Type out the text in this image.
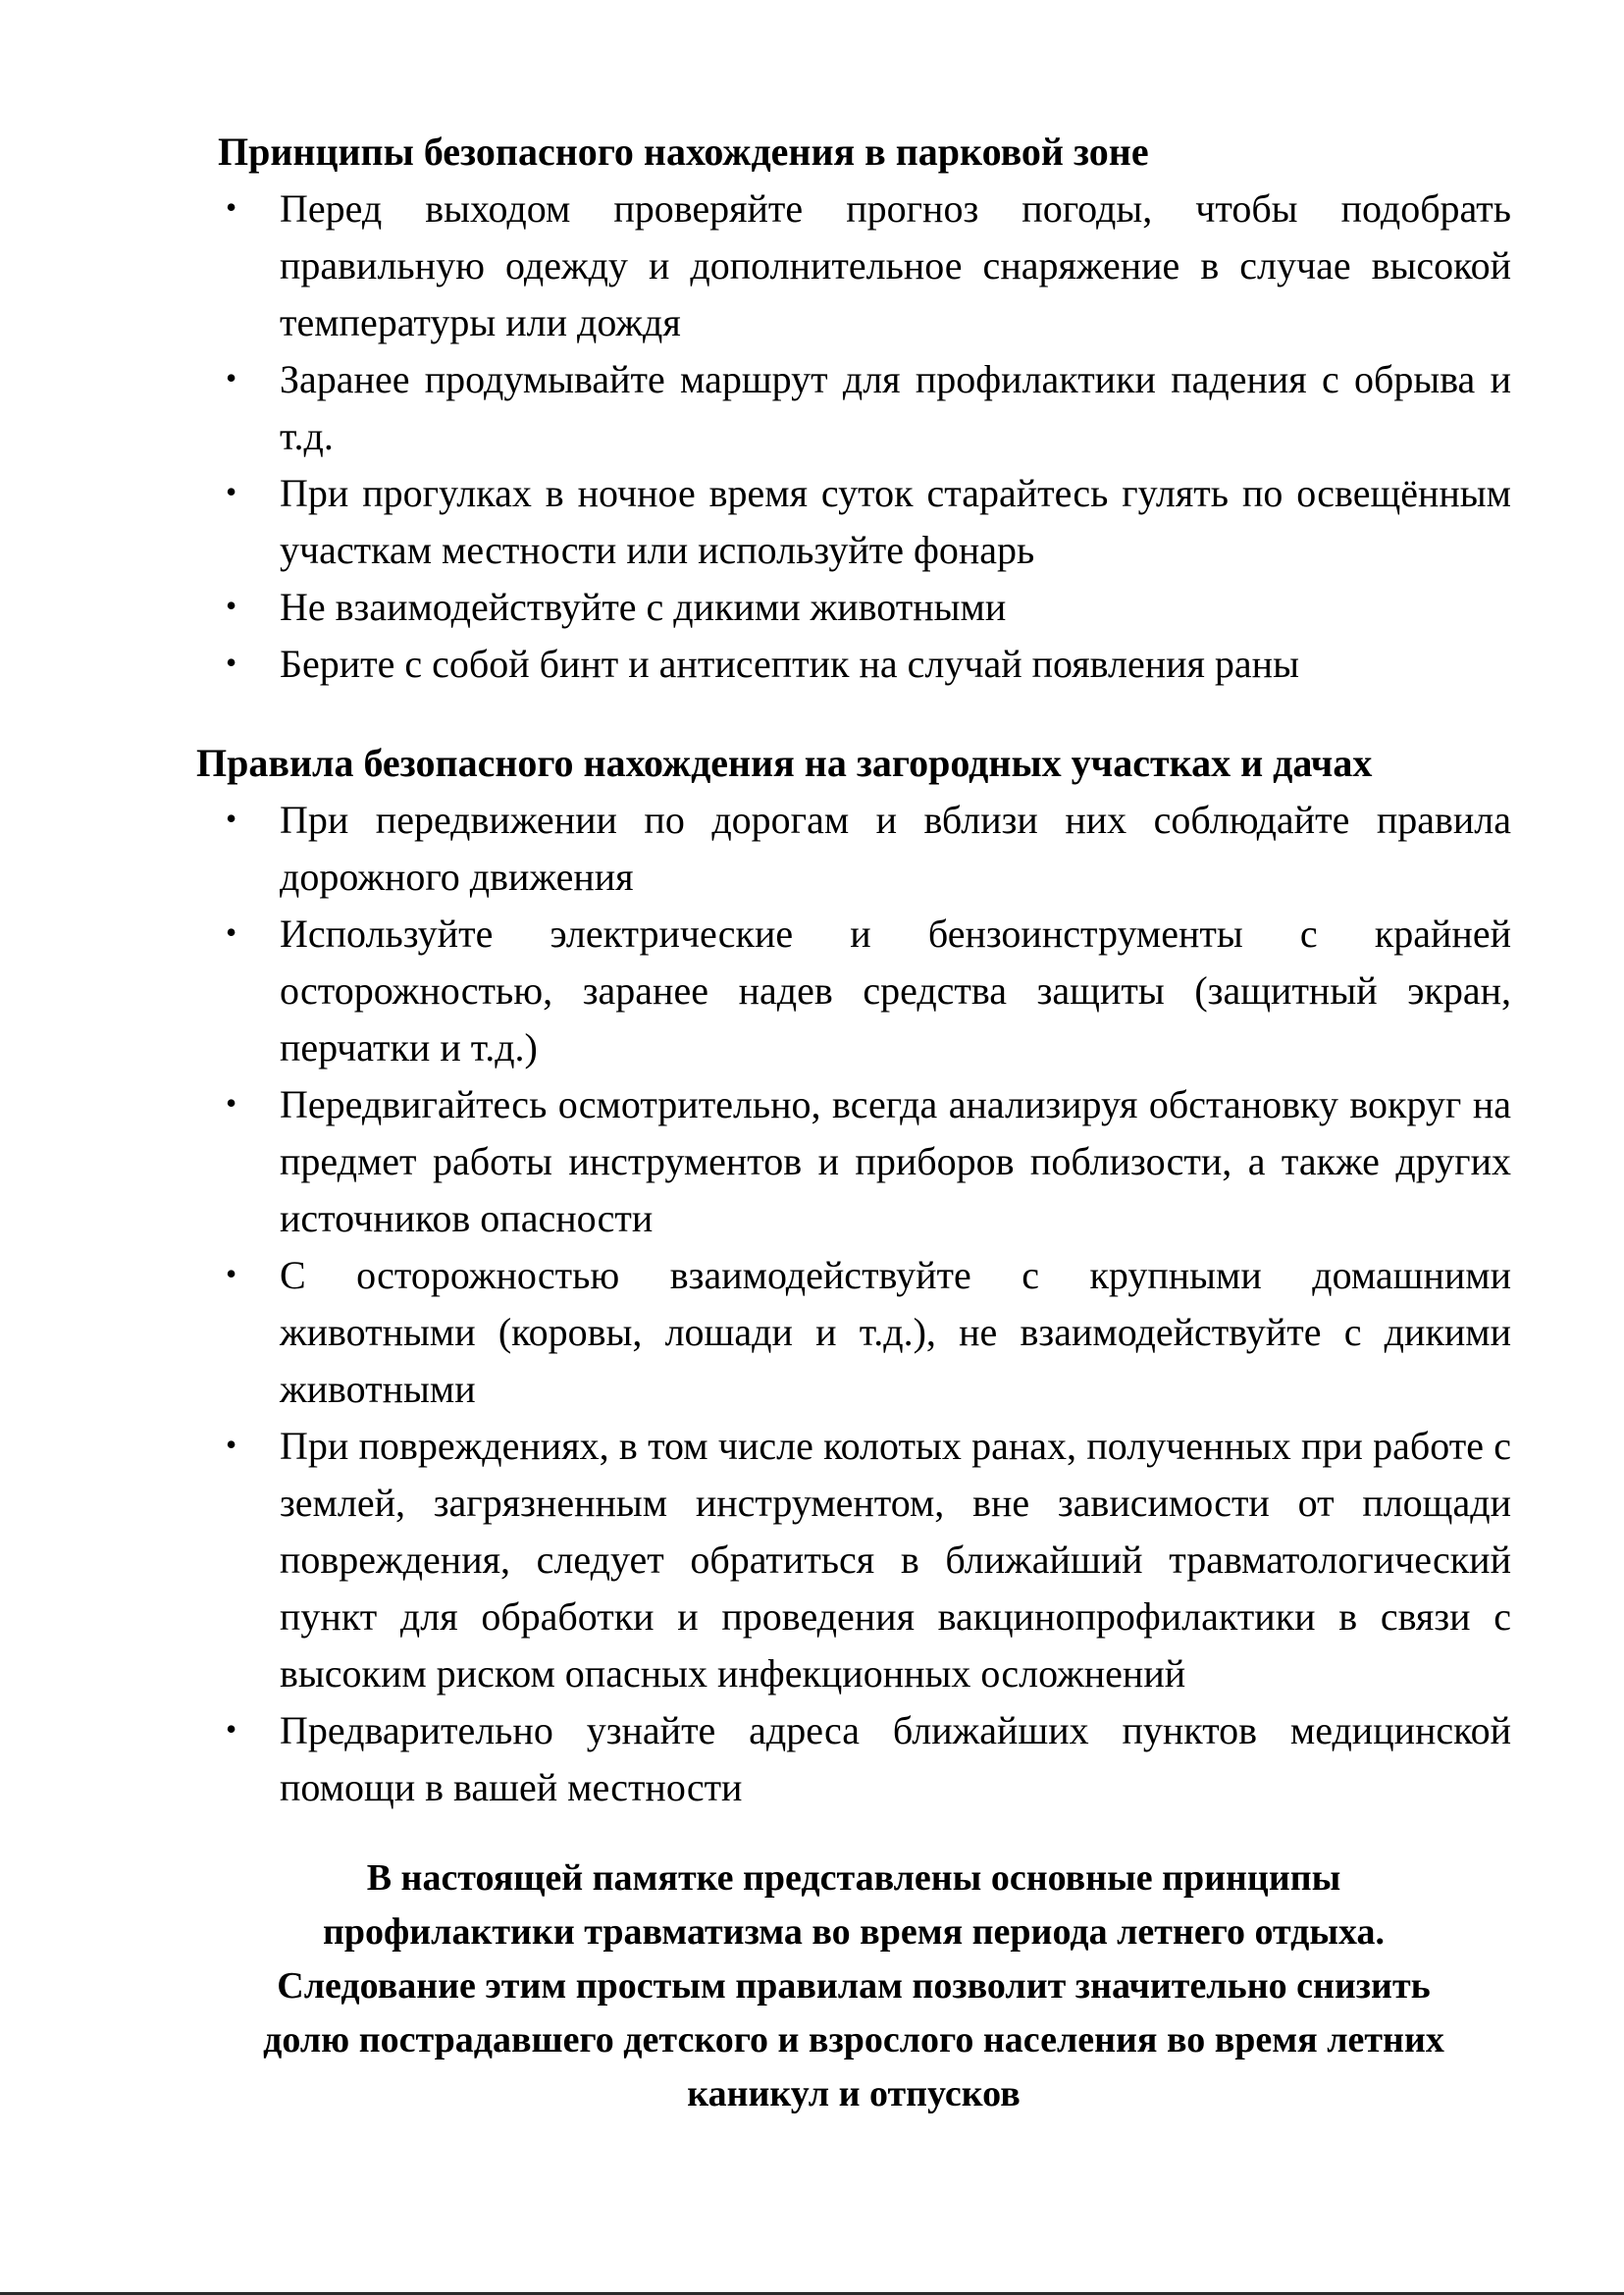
Принципы безопасного нахождения в парковой зоне
• Перед выходом проверяйте прогноз погоды, чтобы подобрать правильную одежду и дополнительное снаряжение в случае высокой температуры или дождя
• Заранее продумывайте маршрут для профилактики падения с обрыва и т.д.
• При прогулках в ночное время суток старайтесь гулять по освещённым участкам местности или используйте фонарь
• Не взаимодействуйте с дикими животными
• Берите с собой бинт и антисептик на случай появления раны
Правила безопасного нахождения на загородных участках и дачах
• При передвижении по дорогам и вблизи них соблюдайте правила дорожного движения
• Используйте электрические и бензоинструменты с крайней осторожностью, заранее надев средства защиты (защитный экран, перчатки и т.д.)
• Передвигайтесь осмотрительно, всегда анализируя обстановку вокруг на предмет работы инструментов и приборов поблизости, а также других источников опасности
• С осторожностью взаимодействуйте с крупными домашними животными (коровы, лошади и т.д.), не взаимодействуйте с дикими животными
• При повреждениях, в том числе колотых ранах, полученных при работе с землей, загрязненным инструментом, вне зависимости от площади повреждения, следует обратиться в ближайший травматологический пункт для обработки и проведения вакцинопрофилактики в связи с высоким риском опасных инфекционных осложнений
• Предварительно узнайте адреса ближайших пунктов медицинской помощи в вашей местности
В настоящей памятке представлены основные принципы
профилактики травматизма во время периода летнего отдыха.
Следование этим простым правилам позволит значительно снизить
долю пострадавшего детского и взрослого населения во время летних
каникул и отпусков
